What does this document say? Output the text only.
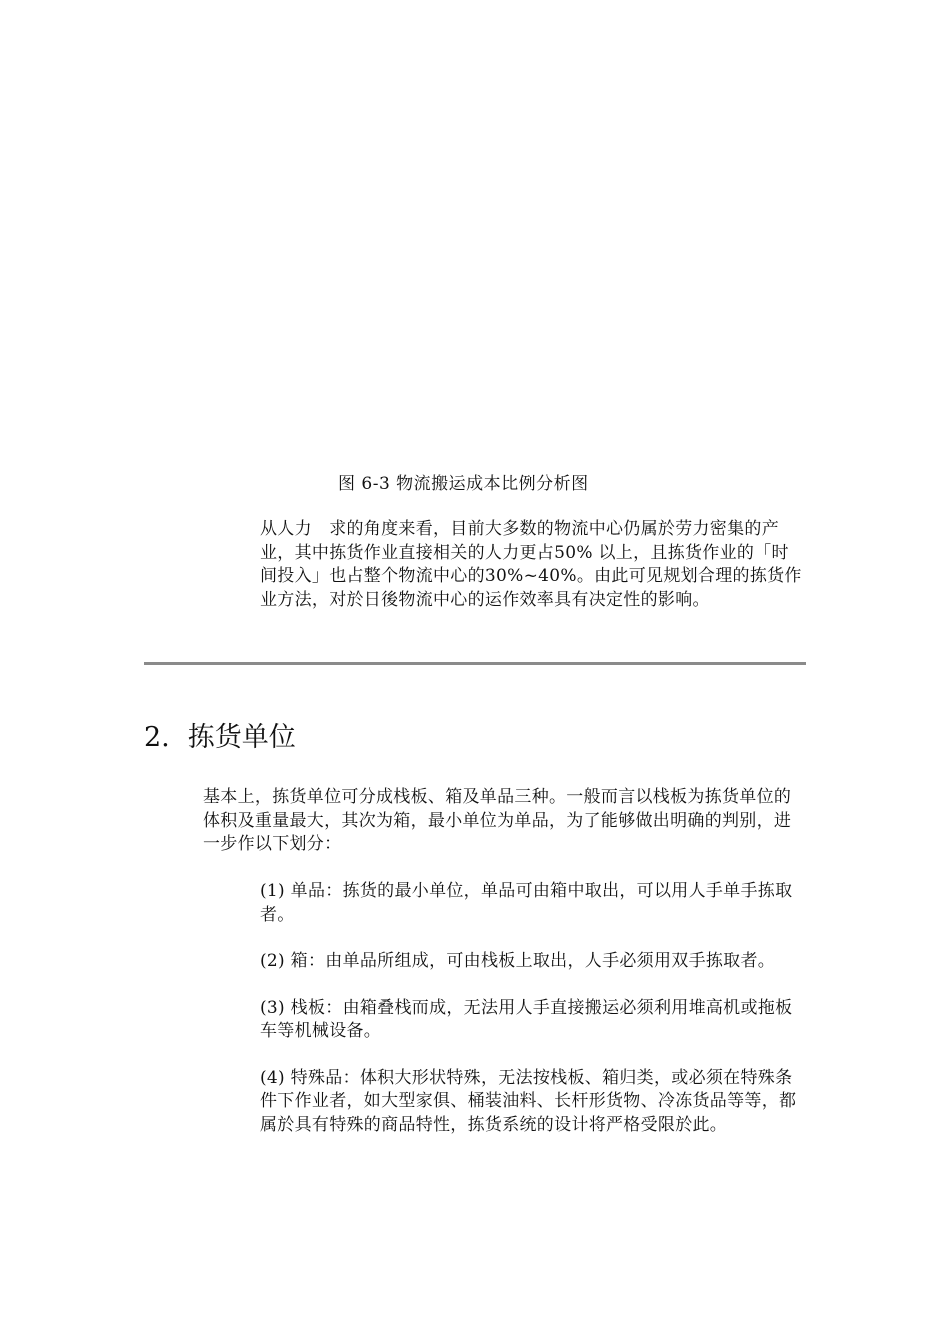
图 6-3 物流搬运成本比例分析图

从人力　求的角度来看，目前大多数的物流中心仍属於劳力密集的产业，其中拣货作业直接相关的人力更占50% 以上，且拣货作业的「时间投入」也占整个物流中心的30%~40%。由此可见规划合理的拣货作业方法，对於日後物流中心的运作效率具有决定性的影响。

2. 拣货单位

基本上，拣货单位可分成栈板、箱及单品三种。一般而言以栈板为拣货单位的体积及重量最大，其次为箱，最小单位为单品，为了能够做出明确的判别，进一步作以下划分：

(1) 单品：拣货的最小单位，单品可由箱中取出，可以用人手单手拣取者。
(2) 箱：由单品所组成，可由栈板上取出，人手必须用双手拣取者。
(3) 栈板：由箱叠栈而成，无法用人手直接搬运必须利用堆高机或拖板车等机械设备。
(4) 特殊品：体积大形状特殊，无法按栈板、箱归类，或必须在特殊条件下作业者，如大型家俱、桶装油料、长杆形货物、冷冻货品等等，都属於具有特殊的商品特性，拣货系统的设计将严格受限於此。
